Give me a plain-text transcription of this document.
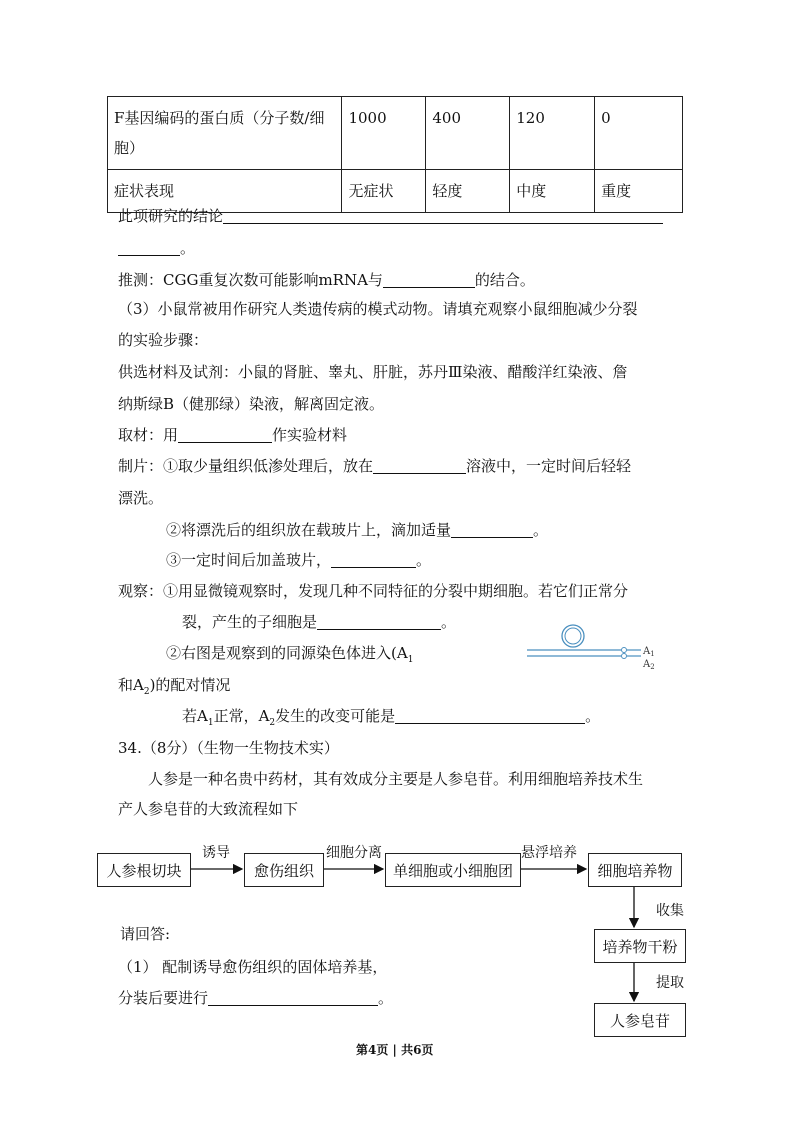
F基因编码的蛋白质（分子数/细胞）	1000	400	120	0
症状表现	无症状	轻度	中度	重度
此项研究的结论
。
推测：CGG重复次数可能影响mRNA与	的结合。
（3）小鼠常被用作研究人类遗传病的模式动物。请填充观察小鼠细胞减少分裂
的实验步骤：
供选材料及试剂：小鼠的肾脏、睾丸、肝脏，苏丹Ⅲ染液、醋酸洋红染液、詹
纳斯绿B（健那绿）染液，解离固定液。
取材：用	作实验材料
制片：①取少量组织低渗处理后，放在	溶液中，一定时间后轻轻
漂洗。
②将漂洗后的组织放在载玻片上，滴加适量	。
③一定时间后加盖玻片，	。
观察：①用显微镜观察时，发现几种不同特征的分裂中期细胞。若它们正常分
裂，产生的子细胞是	。
②右图是观察到的同源染色体进入($A_1$
和$A_2$)的配对情况
$A_1$
$A_2$
若$A_1$正常，$A_2$发生的改变可能是	。
34.（8分）（生物一生物技术实）
人参是一种名贵中药材，其有效成分主要是人参皂苷。利用细胞培养技术生
产人参皂苷的大致流程如下
人参根切块	愈伤组织	单细胞或小细胞团	细胞培养物
培养物干粉
人参皂苷
诱导	细胞分离	悬浮培养
收集
提取
请回答:
（1） 配制诱导愈伤组织的固体培养基，
分装后要进行	。
第4页 | 共6页
